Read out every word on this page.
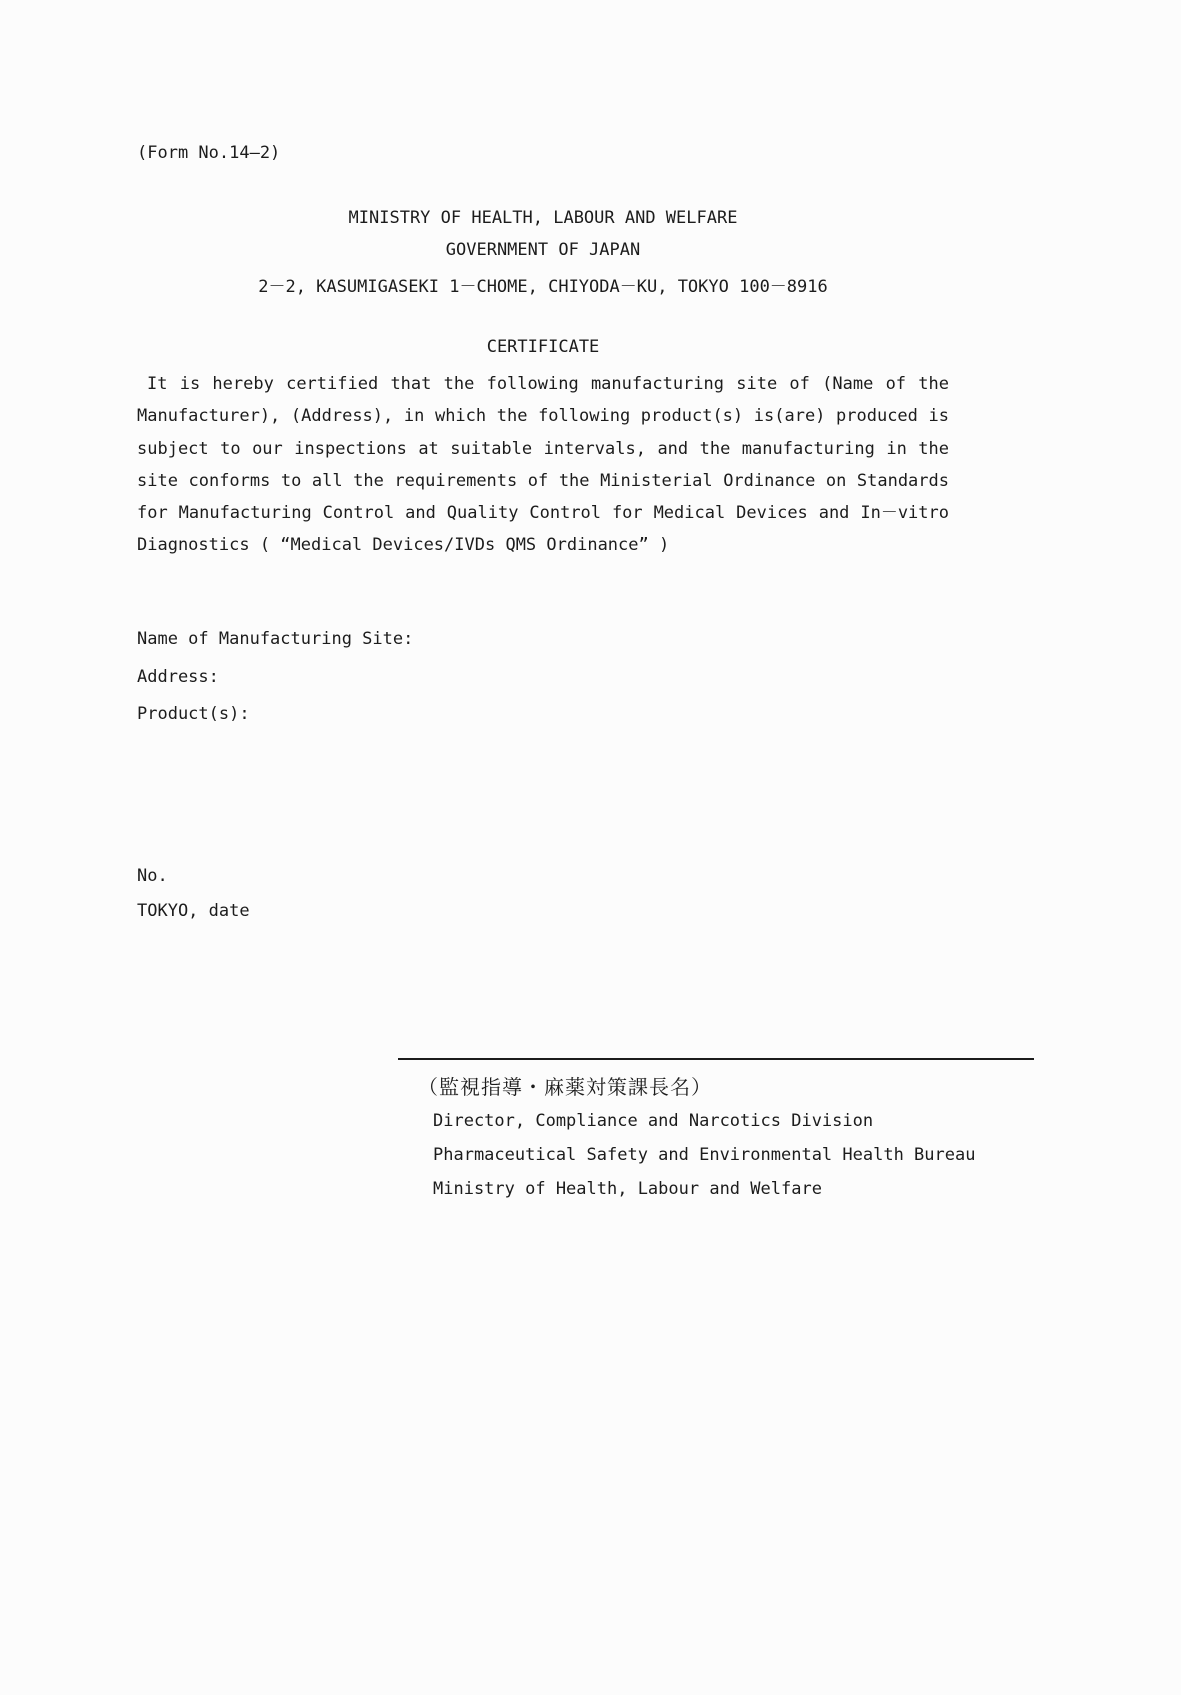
(Form No.14—2)
MINISTRY OF HEALTH, LABOUR AND WELFARE
GOVERNMENT OF JAPAN
2－2, KASUMIGASEKI 1－CHOME, CHIYODA－KU, TOKYO 100－8916
CERTIFICATE
It is hereby certified that the following manufacturing site of (Name of the
Manufacturer), (Address), in which the following product(s) is(are) produced is
subject to our inspections at suitable intervals, and the manufacturing in the
site conforms to all the requirements of the Ministerial Ordinance on Standards
for Manufacturing Control and Quality Control for Medical Devices and In－vitro
Diagnostics ( “Medical Devices/IVDs QMS Ordinance” )
Name of Manufacturing Site:
Address:
Product(s):
No.
TOKYO, date
（監視指導・麻薬対策課長名）
Director, Compliance and Narcotics Division
Pharmaceutical Safety and Environmental Health Bureau
Ministry of Health, Labour and Welfare
